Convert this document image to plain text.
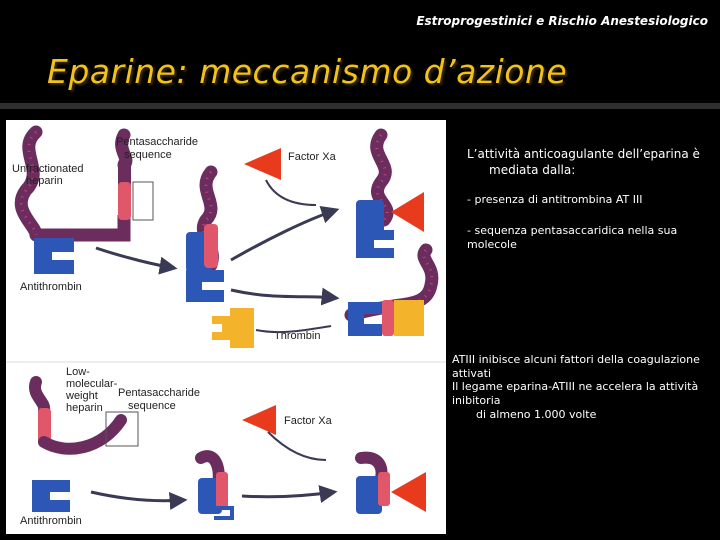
Estroprogestinici e Rischio Anestesiologico
Eparine: meccanismo d’azione
Pentasaccharide
sequence
Unfractionated
heparin
Antithrombin
Factor Xa
Thrombin
Low-
molecular-
weight
heparin
Pentasaccharide
sequence
Antithrombin
Factor Xa
L’attività anticoagulante dell’eparina è
mediata dalla:
- presenza di antitrombina AT III
- sequenza pentasaccaridica nella sua molecole
ATIII inibisce alcuni fattori della coagulazione attivati
Il legame eparina-ATIII ne accelera la attività inibitoria
di almeno 1.000 volte
